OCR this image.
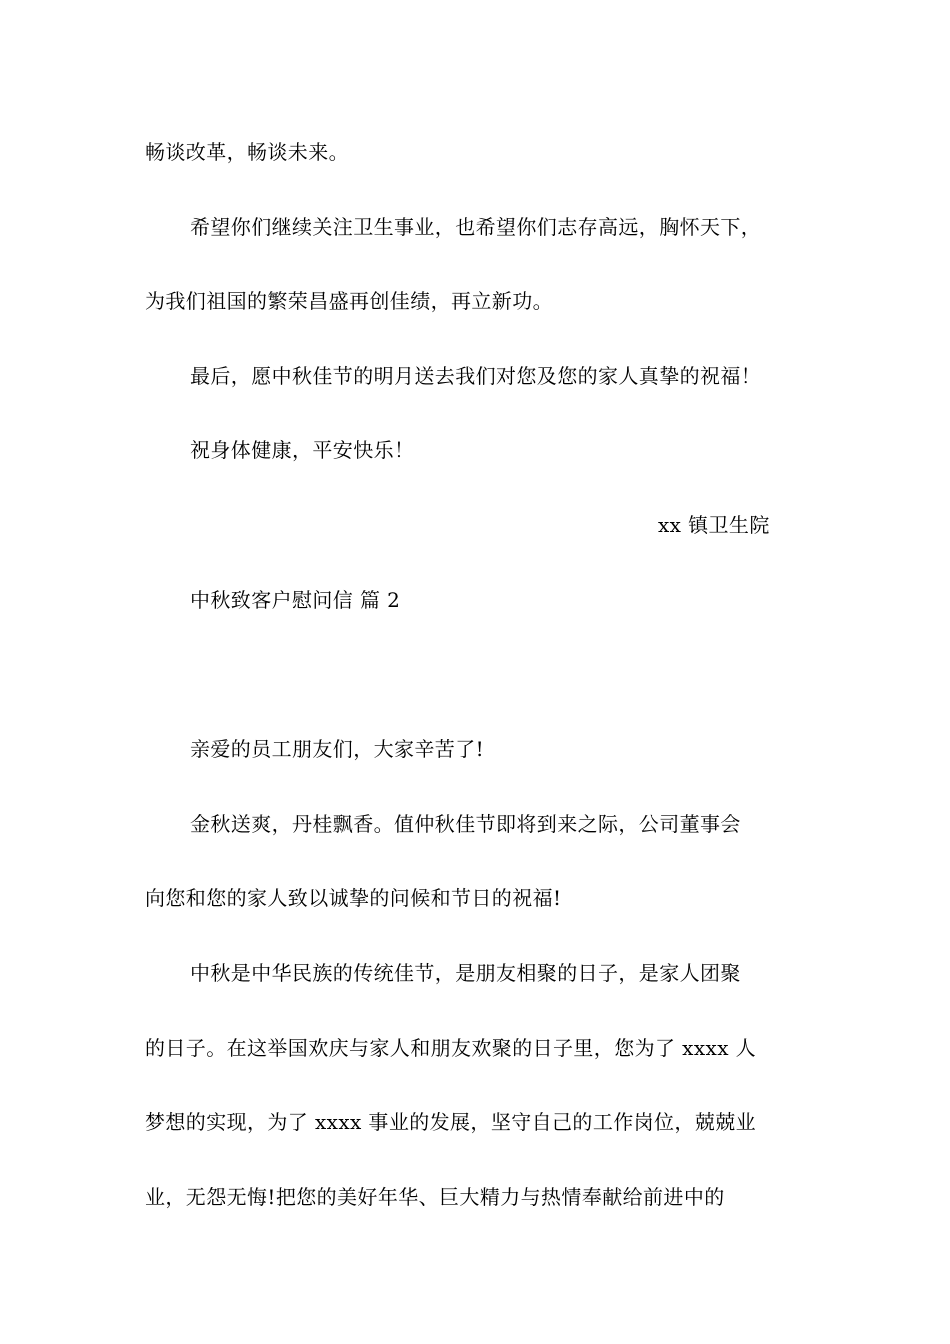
畅谈改革，畅谈未来。
希望你们继续关注卫生事业，也希望你们志存高远，胸怀天下，
为我们祖国的繁荣昌盛再创佳绩，再立新功。
最后，愿中秋佳节的明月送去我们对您及您的家人真挚的祝福！
祝身体健康，平安快乐！
xx 镇卫生院
中秋致客户慰问信 篇 2
亲爱的员工朋友们，大家辛苦了!
金秋送爽，丹桂飘香。值仲秋佳节即将到来之际，公司董事会
向您和您的家人致以诚挚的问候和节日的祝福!
中秋是中华民族的传统佳节，是朋友相聚的日子，是家人团聚
的日子。在这举国欢庆与家人和朋友欢聚的日子里，您为了 xxxx 人
梦想的实现，为了 xxxx 事业的发展，坚守自己的工作岗位，兢兢业
业，无怨无悔!把您的美好年华、巨大精力与热情奉献给前进中的
